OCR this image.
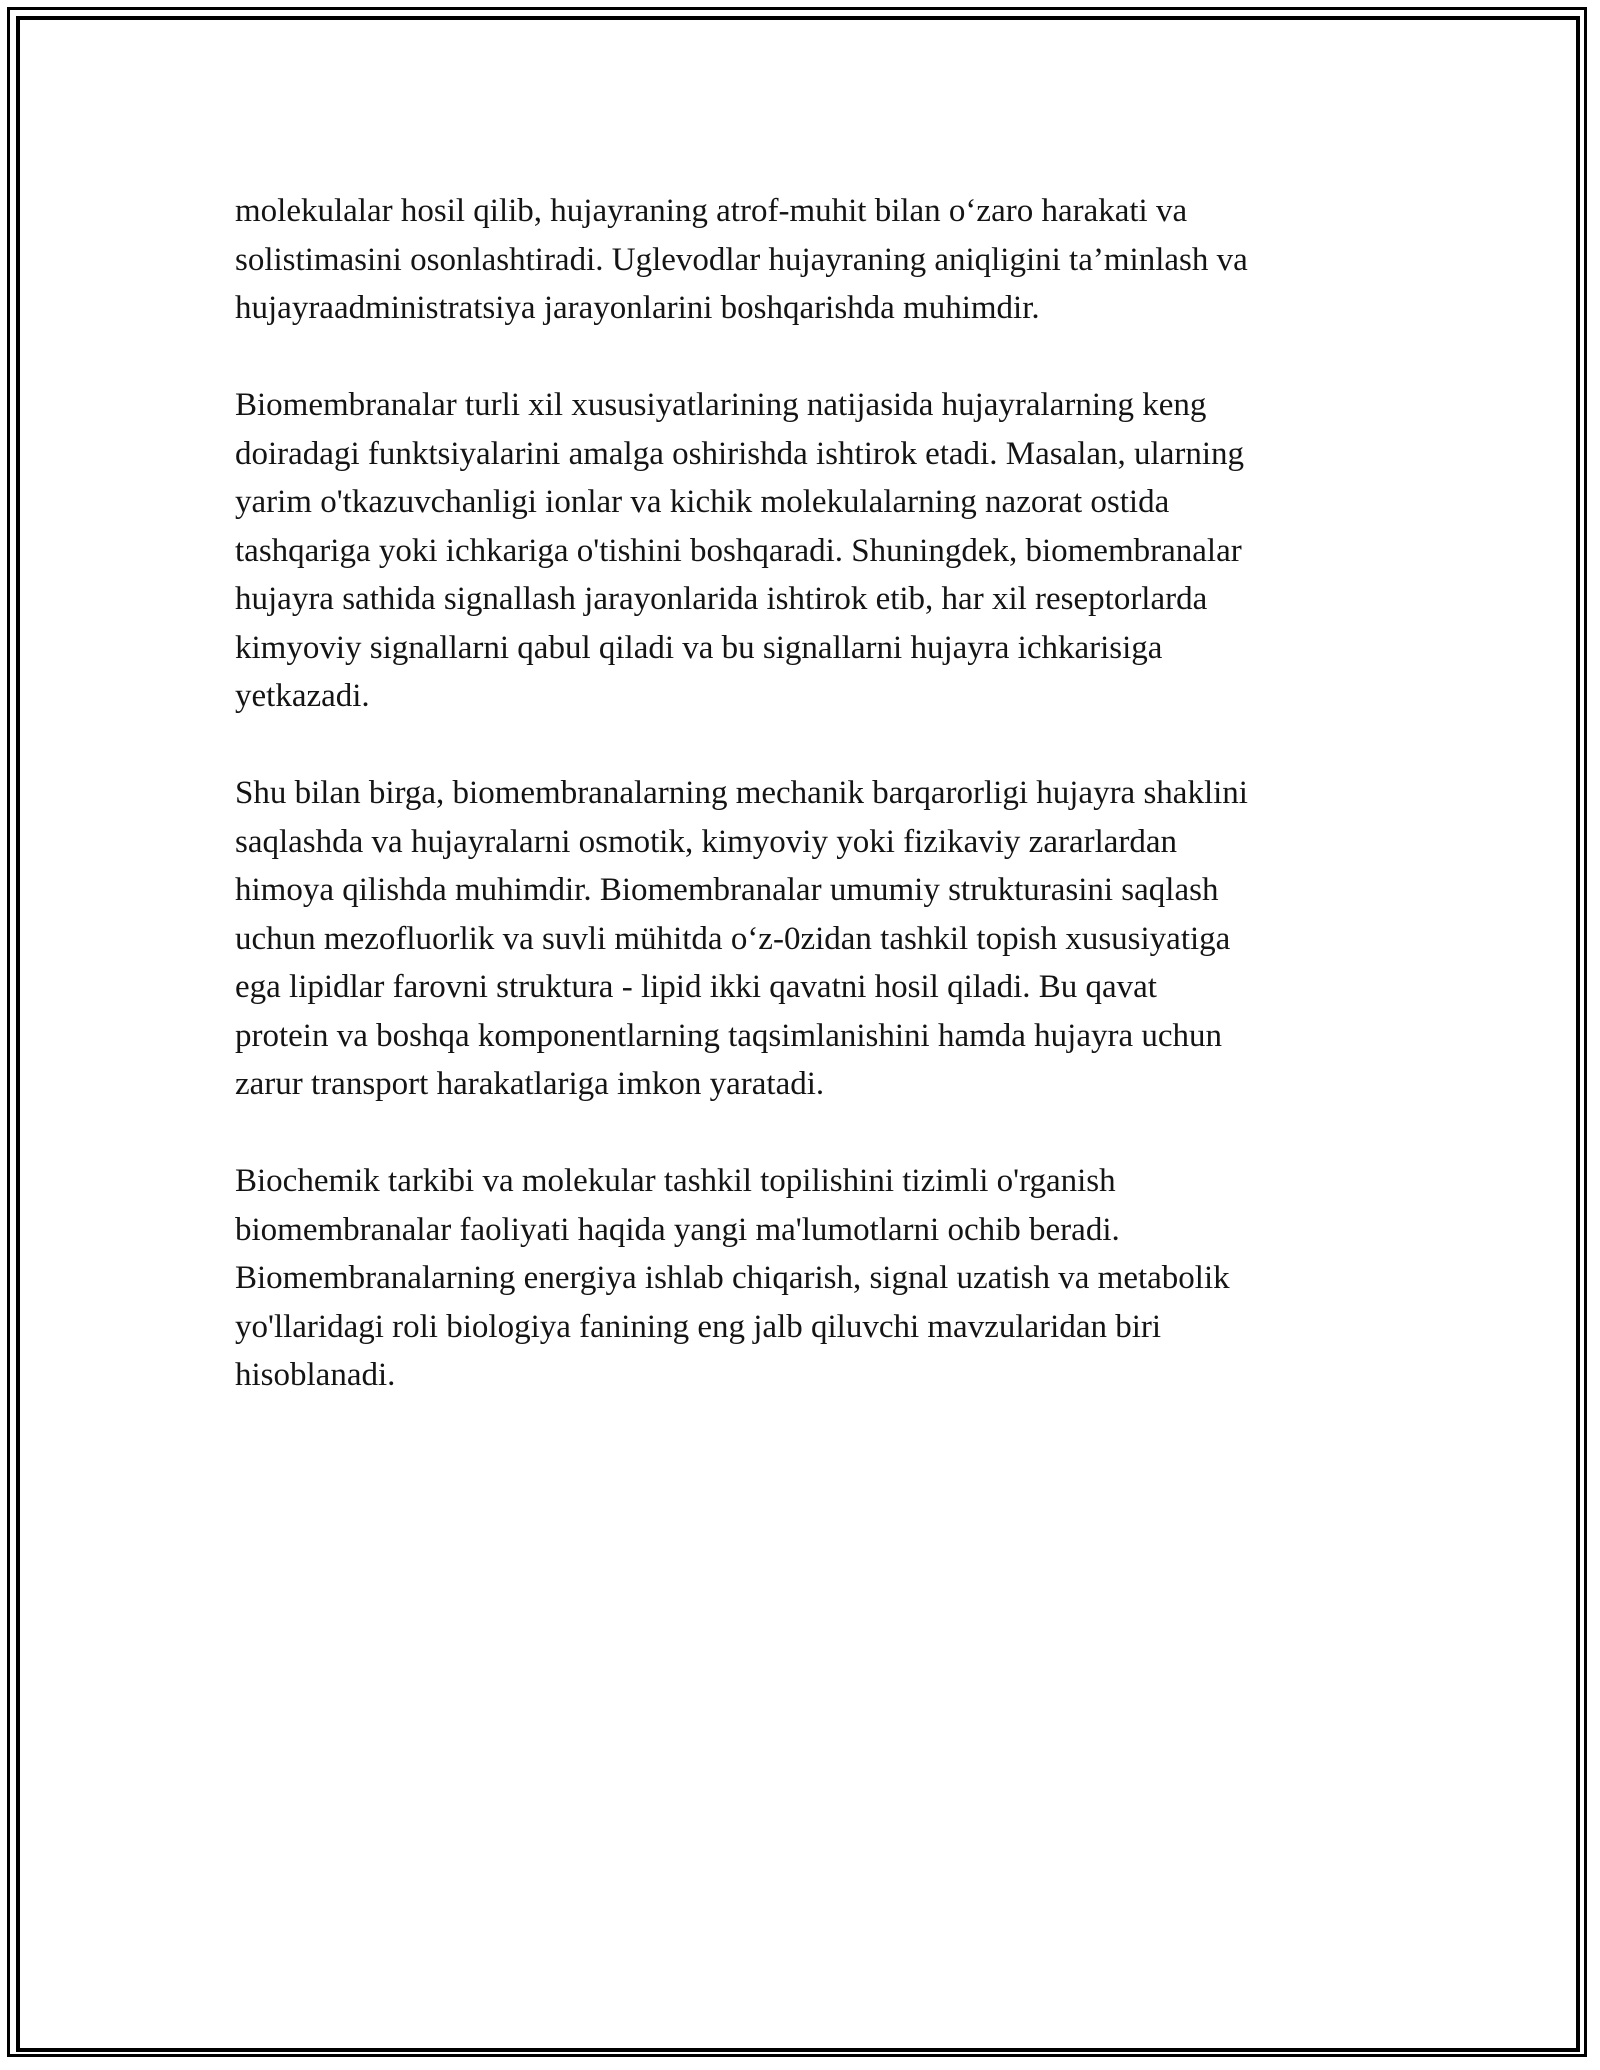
molekulalar hosil qilib, hujayraning atrof-muhit bilan o‘zaro harakati va
solistimasini osonlashtiradi. Uglevodlar hujayraning aniqligini ta’minlash va
hujayraadministratsiya jarayonlarini boshqarishda muhimdir.

Biomembranalar turli xil xususiyatlarining natijasida hujayralarning keng
doiradagi funktsiyalarini amalga oshirishda ishtirok etadi. Masalan, ularning
yarim o'tkazuvchanligi ionlar va kichik molekulalarning nazorat ostida
tashqariga yoki ichkariga o'tishini boshqaradi. Shuningdek, biomembranalar
hujayra sathida signallash jarayonlarida ishtirok etib, har xil reseptorlarda
kimyoviy signallarni qabul qiladi va bu signallarni hujayra ichkarisiga
yetkazadi.

Shu bilan birga, biomembranalarning mechanik barqarorligi hujayra shaklini
saqlashda va hujayralarni osmotik, kimyoviy yoki fizikaviy zararlardan
himoya qilishda muhimdir. Biomembranalar umumiy strukturasini saqlash
uchun mezofluorlik va suvli mühitda o‘z-0zidan tashkil topish xususiyatiga
ega lipidlar farovni struktura - lipid ikki qavatni hosil qiladi. Bu qavat
protein va boshqa komponentlarning taqsimlanishini hamda hujayra uchun
zarur transport harakatlariga imkon yaratadi.

Biochemik tarkibi va molekular tashkil topilishini tizimli o'rganish
biomembranalar faoliyati haqida yangi ma'lumotlarni ochib beradi.
Biomembranalarning energiya ishlab chiqarish, signal uzatish va metabolik
yo'llaridagi roli biologiya fanining eng jalb qiluvchi mavzularidan biri
hisoblanadi.
